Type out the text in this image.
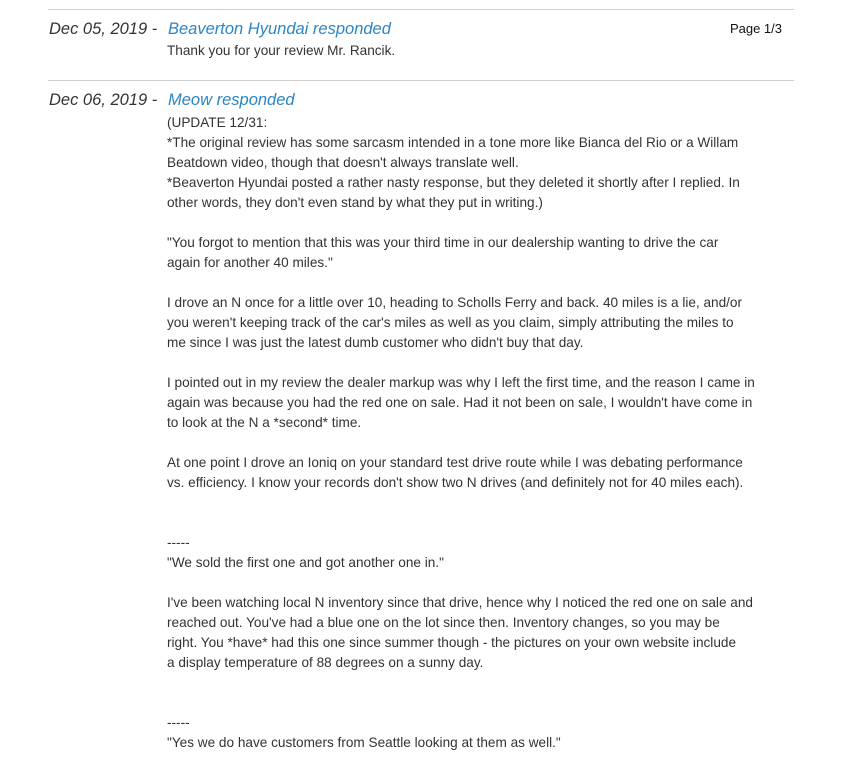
Page 1/3
Dec 05, 2019 - Beaverton Hyundai responded

Thank you for your review Mr. Rancik.

Dec 06, 2019 - Meow responded

(UPDATE 12/31:

*The original review has some sarcasm intended in a tone more like Bianca del Rio or a Willam

Beatdown video, though that doesn't always translate well.

*Beaverton Hyundai posted a rather nasty response, but they deleted it shortly after I replied. In

other words, they don't even stand by what they put in writing.)

"You forgot to mention that this was your third time in our dealership wanting to drive the car

again for another 40 miles."

I drove an N once for a little over 10, heading to Scholls Ferry and back. 40 miles is a lie, and/or

you weren't keeping track of the car's miles as well as you claim, simply attributing the miles to

me since I was just the latest dumb customer who didn't buy that day.

I pointed out in my review the dealer markup was why I left the first time, and the reason I came in

again was because you had the red one on sale. Had it not been on sale, I wouldn't have come in

to look at the N a *second* time.

At one point I drove an Ioniq on your standard test drive route while I was debating performance

vs. efficiency. I know your records don't show two N drives (and definitely not for 40 miles each).

-----

"We sold the first one and got another one in."

I've been watching local N inventory since that drive, hence why I noticed the red one on sale and

reached out. You've had a blue one on the lot since then. Inventory changes, so you may be

right. You *have* had this one since summer though - the pictures on your own website include

a display temperature of 88 degrees on a sunny day.

-----

"Yes we do have customers from Seattle looking at them as well."
